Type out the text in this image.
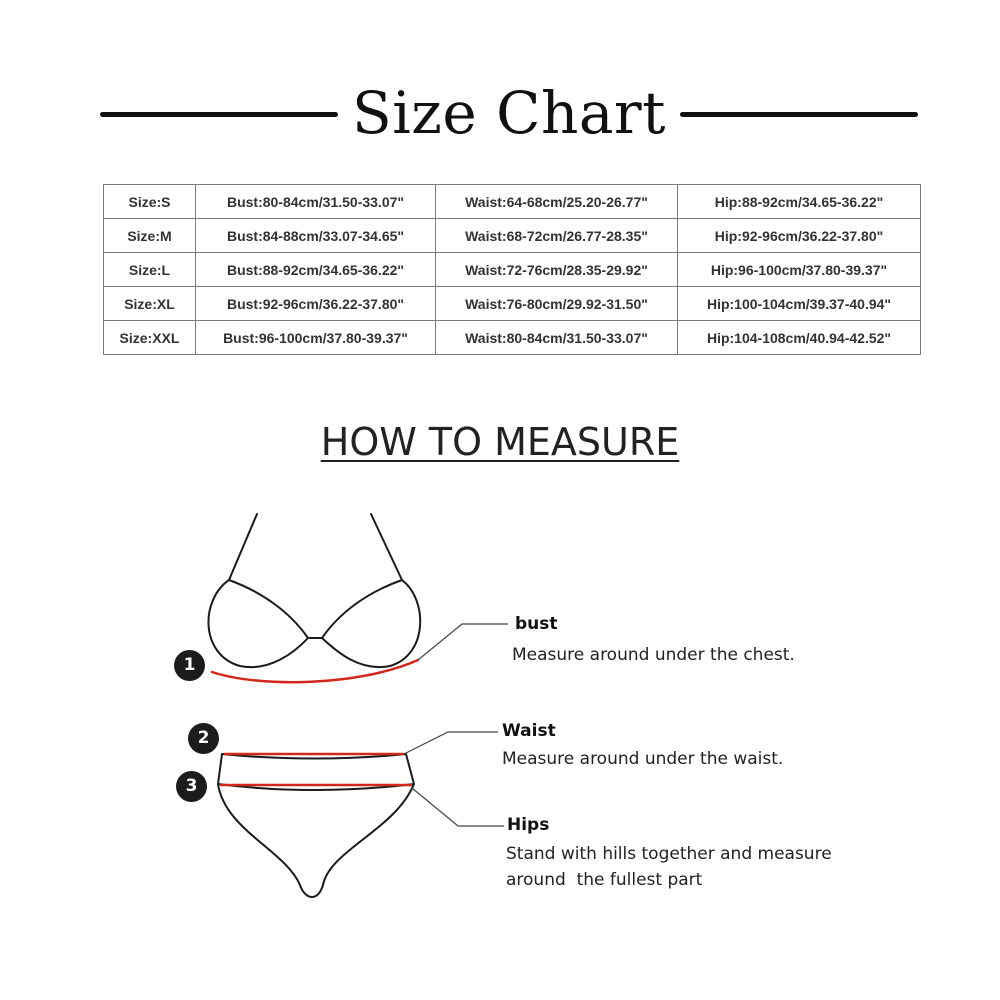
Size Chart
Size:S	Bust:80-84cm/31.50-33.07"	Waist:64-68cm/25.20-26.77"	Hip:88-92cm/34.65-36.22"
Size:M	Bust:84-88cm/33.07-34.65"	Waist:68-72cm/26.77-28.35"	Hip:92-96cm/36.22-37.80"
Size:L	Bust:88-92cm/34.65-36.22"	Waist:72-76cm/28.35-29.92"	Hip:96-100cm/37.80-39.37"
Size:XL	Bust:92-96cm/36.22-37.80"	Waist:76-80cm/29.92-31.50"	Hip:100-104cm/39.37-40.94"
Size:XXL	Bust:96-100cm/37.80-39.37"	Waist:80-84cm/31.50-33.07"	Hip:104-108cm/40.94-42.52"
HOW TO MEASURE
1
2
3
bust
Measure around under the chest.
Waist
Measure around under the waist.
Hips
Stand with hills together and measure
around  the fullest part
